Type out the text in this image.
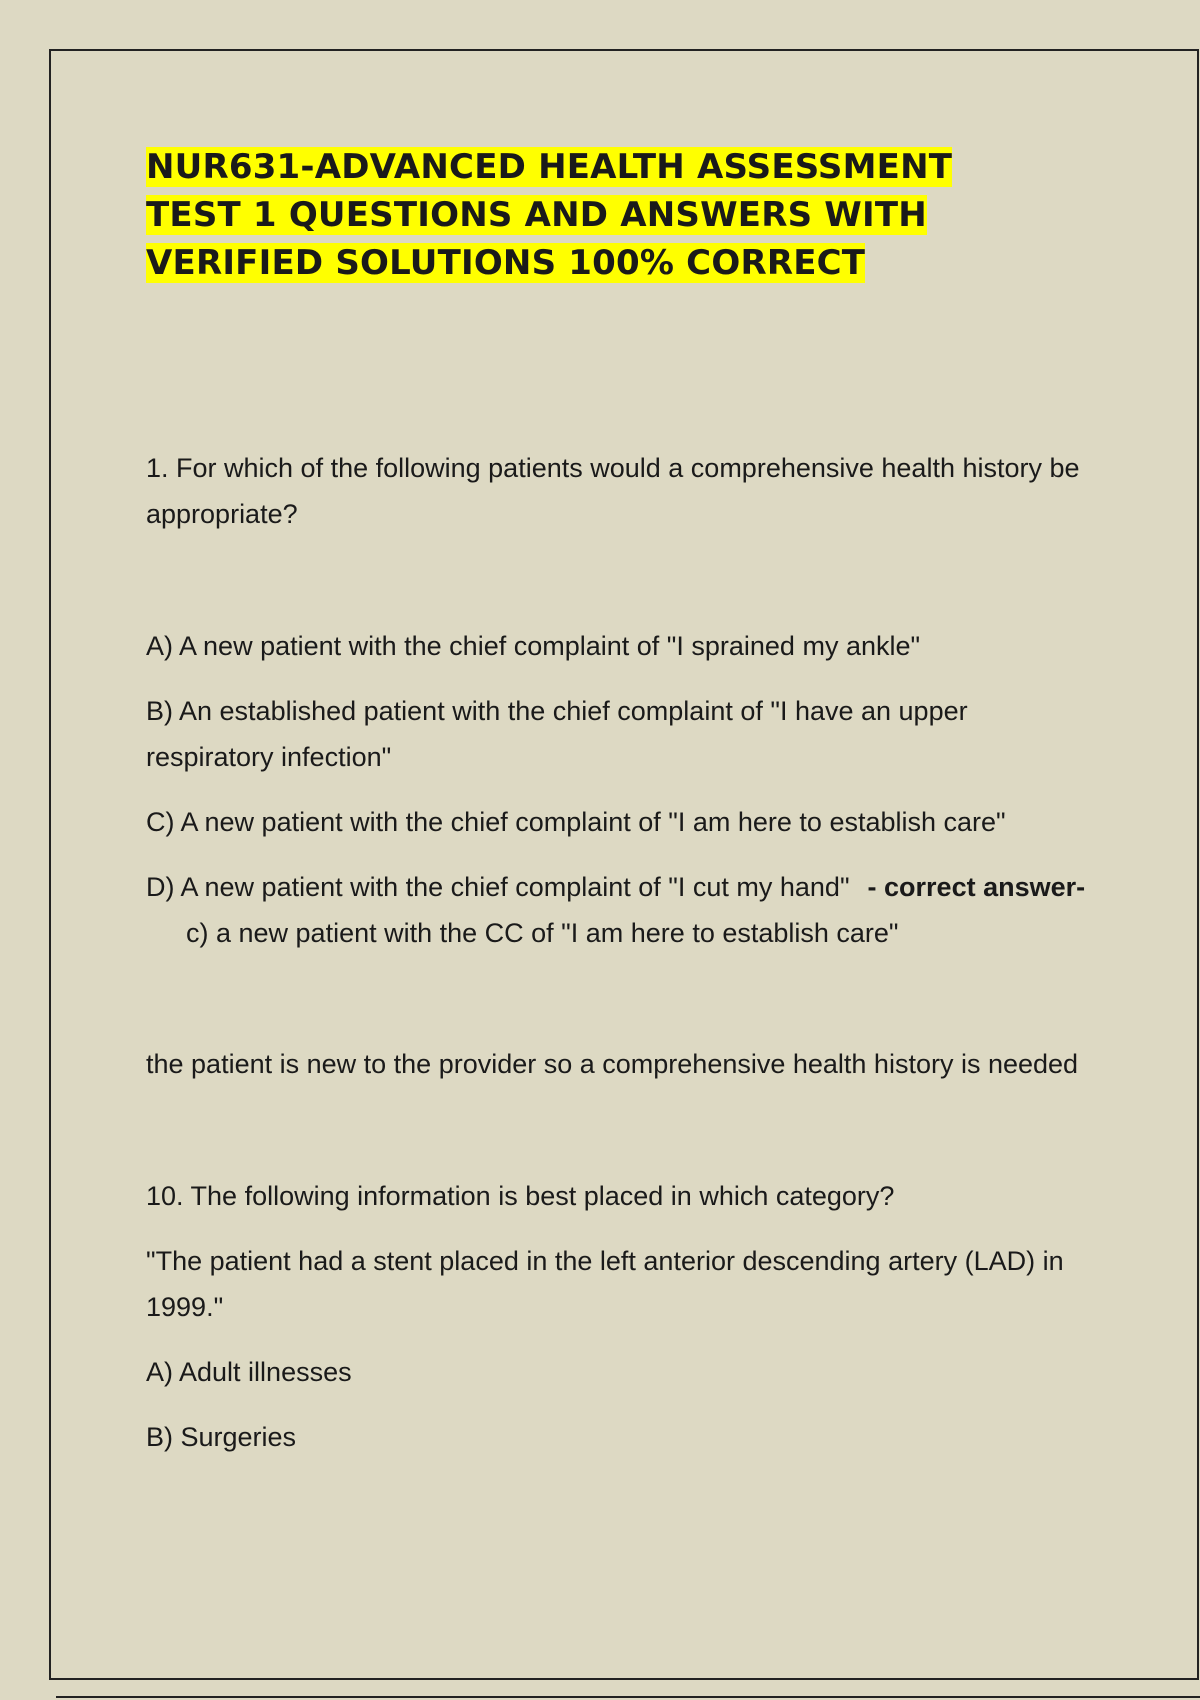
NUR631-ADVANCED HEALTH ASSESSMENT
TEST 1 QUESTIONS AND ANSWERS WITH
VERIFIED SOLUTIONS 100% CORRECT

1. For which of the following patients would a comprehensive health history be appropriate?

A) A new patient with the chief complaint of "I sprained my ankle"

B) An established patient with the chief complaint of "I have an upper respiratory infection"

C) A new patient with the chief complaint of "I am here to establish care"

D) A new patient with the chief complaint of "I cut my hand" - correct answer-c) a new patient with the CC of "I am here to establish care"

the patient is new to the provider so a comprehensive health history is needed

10. The following information is best placed in which category?

"The patient had a stent placed in the left anterior descending artery (LAD) in 1999."

A) Adult illnesses

B) Surgeries
